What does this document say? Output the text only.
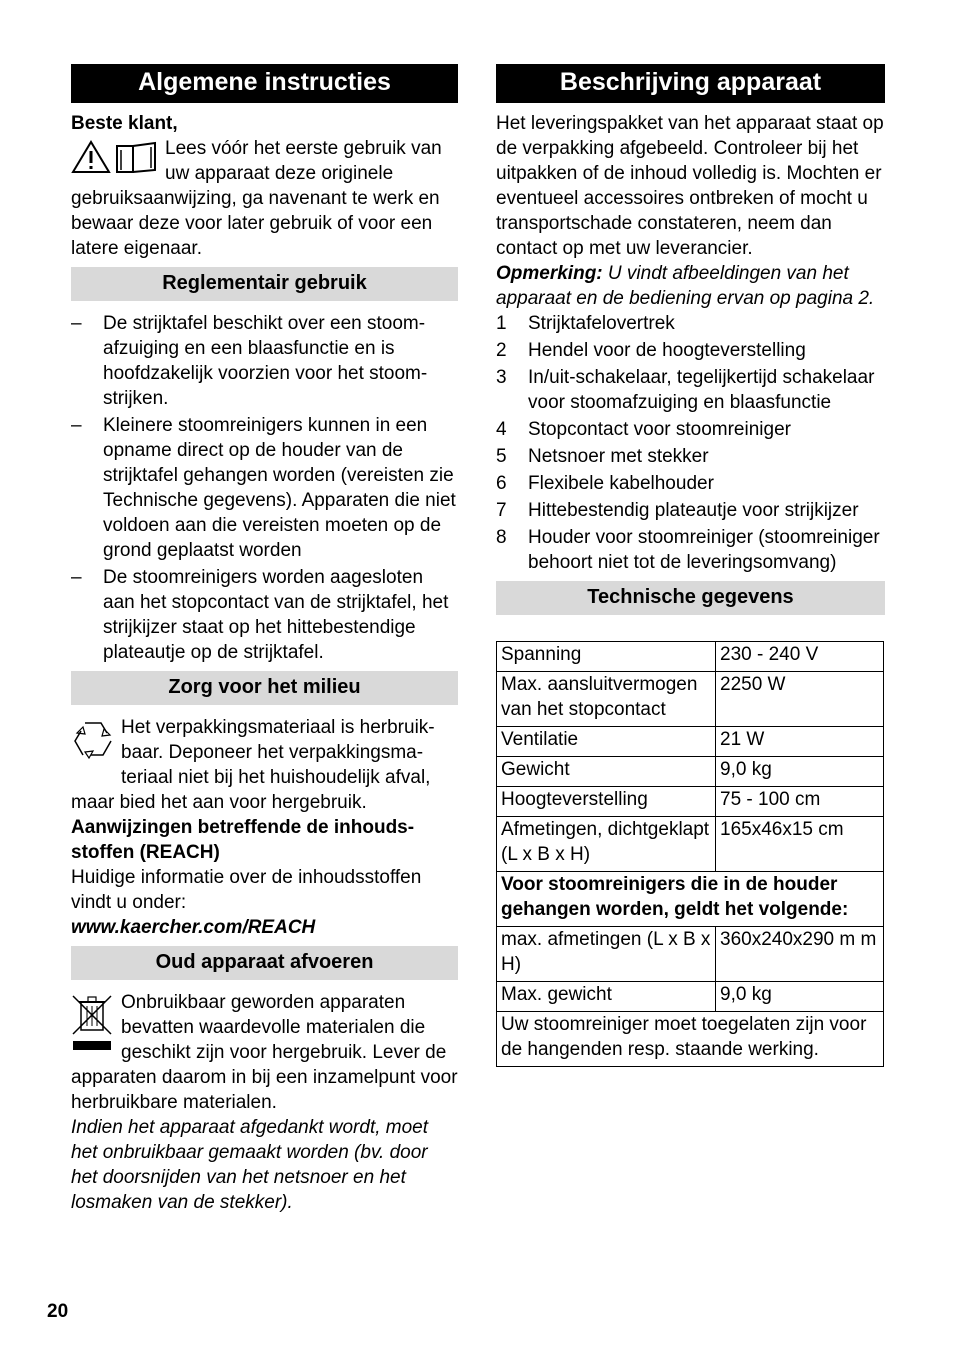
Algemene instructies

Beste klant,

Lees vóór het eerste gebruik van uw apparaat deze originele gebruiksaanwijzing, ga navenant te werk en bewaar deze voor later gebruik of voor een latere eigenaar.

Reglementair gebruik
–	De strijktafel beschikt over een stoomafzuiging en een blaasfunctie en is hoofdzakelijk voorzien voor het stoomstrijken.
–	Kleinere stoomreinigers kunnen in een opname direct op de houder van de strijktafel gehangen worden (vereisten zie Technische gegevens). Apparaten die niet voldoen aan die vereisten moeten op de grond geplaatst worden
–	De stoomreinigers worden aagesloten aan het stopcontact van de strijktafel, het strijkijzer staat op het hittebestendige plateautje op de strijktafel.
Zorg voor het milieu

Het verpakkingsmateriaal is herbruikbaar. Deponeer het verpakkingsmateriaal niet bij het huishoudelijk afval, maar bied het aan voor hergebruik.

Aanwijzingen betreffende de inhoudsstoffen (REACH)

Huidige informatie over de inhoudsstoffen vindt u onder:

www.kaercher.com/REACH

Oud apparaat afvoeren

Onbruikbaar geworden apparaten bevatten waardevolle materialen die geschikt zijn voor hergebruik. Lever de apparaten daarom in bij een inzamelpunt voor herbruikbare materialen.

Indien het apparaat afgedankt wordt, moet het onbruikbaar gemaakt worden (bv. door het doorsnijden van het netsnoer en het losmaken van de stekker).

Beschrijving apparaat

Het leveringspakket van het apparaat staat op de verpakking afgebeeld. Controleer bij het uitpakken of de inhoud volledig is. Mochten er eventueel accessoires ontbreken of mocht u transportschade constateren, neem dan contact op met uw leverancier.

Opmerking: U vindt afbeeldingen van het apparaat en de bediening ervan op pagina 2.

1 Strijktafelovertrek
2 Hendel voor de hoogteverstelling
3 In/uit-schakelaar, tegelijkertijd schakelaar voor stoomafzuiging en blaasfunctie
4 Stopcontact voor stoomreiniger
5 Netsnoer met stekker
6 Flexibele kabelhouder
7 Hittebestendig plateautje voor strijkijzer
8 Houder voor stoomreiniger (stoomreiniger behoort niet tot de leveringsomvang)
Technische gegevens
Spanning	230 - 240 V
Max. aansluitvermogen van het stopcontact	2250 W
Ventilatie	21 W
Gewicht	9,0 kg
Hoogteverstelling	75 - 100 cm
Afmetingen, dichtgeklapt (L x B x H)	165x46x15 cm
Voor stoomreinigers die in de houder gehangen worden, geldt het volgende:	
max. afmetingen (L x B x H)	360x240x290 m m
Max. gewicht	9,0 kg
Uw stoomreiniger moet toegelaten zijn voor de hangenden resp. staande werking.	
20
